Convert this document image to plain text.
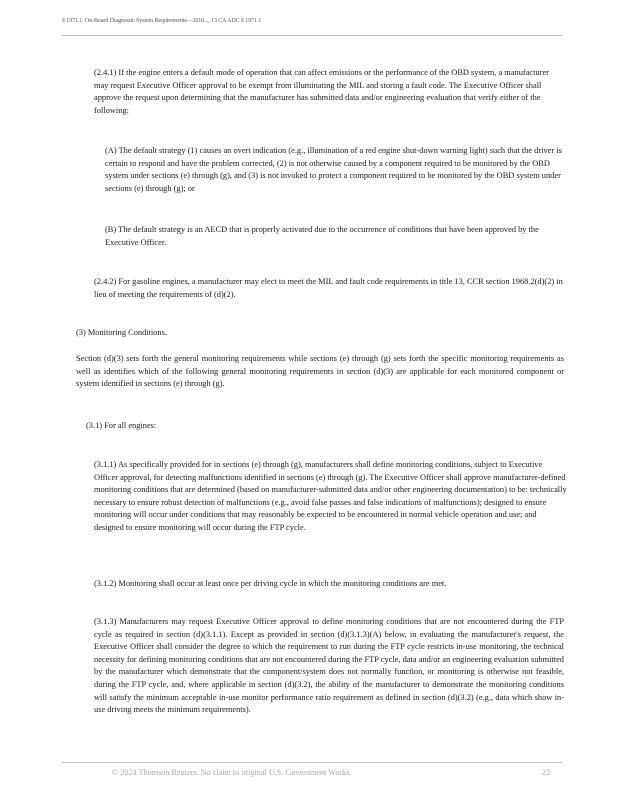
§ 1971.1. On-Board Diagnostic System Requirements—2010..., 13 CA ADC § 1971.1

(2.4.1) If the engine enters a default mode of operation that can affect emissions or the performance of the OBD system, a manufacturer may request Executive Officer approval to be exempt from illuminating the MIL and storing a fault code. The Executive Officer shall approve the request upon determining that the manufacturer has submitted data and/or engineering evaluation that verify either of the following:

(A) The default strategy (1) causes an overt indication (e.g., illumination of a red engine shut-down warning light) such that the driver is certain to respond and have the problem corrected, (2) is not otherwise caused by a component required to be monitored by the OBD system under sections (e) through (g), and (3) is not invoked to protect a component required to be monitored by the OBD system under sections (e) through (g); or

(B) The default strategy is an AECD that is properly activated due to the occurrence of conditions that have been approved by the Executive Officer.

(2.4.2) For gasoline engines, a manufacturer may elect to meet the MIL and fault code requirements in title 13, CCR section 1968.2(d)(2) in lieu of meeting the requirements of (d)(2).

(3) Monitoring Conditions.

Section (d)(3) sets forth the general monitoring requirements while sections (e) through (g) sets forth the specific monitoring requirements as well as identifies which of the following general monitoring requirements in section (d)(3) are applicable for each monitored component or system identified in sections (e) through (g).

(3.1) For all engines:

(3.1.1) As specifically provided for in sections (e) through (g), manufacturers shall define monitoring conditions, subject to Executive Officer approval, for detecting malfunctions identified in sections (e) through (g). The Executive Officer shall approve manufacturer-defined monitoring conditions that are determined (based on manufacturer-submitted data and/or other engineering documentation) to be: technically necessary to ensure robust detection of malfunctions (e.g., avoid false passes and false indications of malfunctions); designed to ensure monitoring will occur under conditions that may reasonably be expected to be encountered in normal vehicle operation and use; and designed to ensure monitoring will occur during the FTP cycle.

(3.1.2) Monitoring shall occur at least once per driving cycle in which the monitoring conditions are met.

(3.1.3) Manufacturers may request Executive Officer approval to define monitoring conditions that are not encountered during the FTP cycle as required in section (d)(3.1.1). Except as provided in section (d)(3.1.3)(A) below, in evaluating the manufacturer's request, the Executive Officer shall consider the degree to which the requirement to run during the FTP cycle restricts in-use monitoring, the technical necessity for defining monitoring conditions that are not encountered during the FTP cycle, data and/or an engineering evaluation submitted by the manufacturer which demonstrate that the component/system does not normally function, or monitoring is otherwise not feasible, during the FTP cycle, and, where applicable in section (d)(3.2), the ability of the manufacturer to demonstrate the monitoring conditions will satisfy the minimum acceptable in-use monitor performance ratio requirement as defined in section (d)(3.2) (e.g., data which show in-use driving meets the minimum requirements).

© 2024 Thomson Reuters. No claim to original U.S. Government Works.	22
